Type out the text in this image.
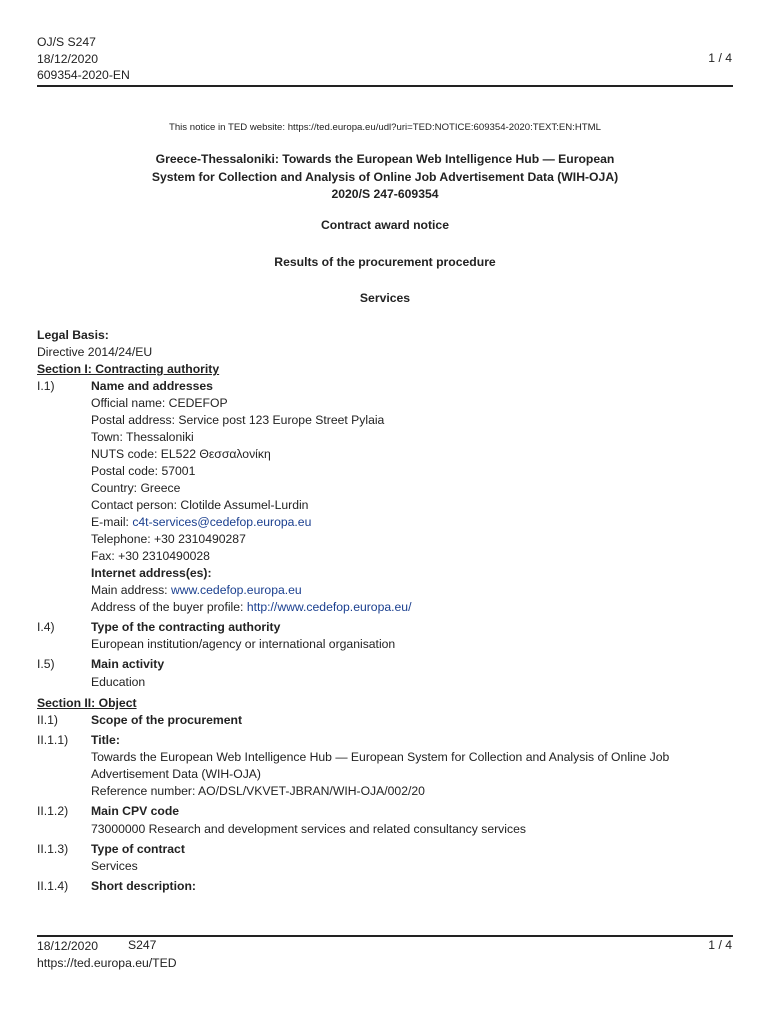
OJ/S S247
18/12/2020
609354-2020-EN
1 / 4
This notice in TED website: https://ted.europa.eu/udl?uri=TED:NOTICE:609354-2020:TEXT:EN:HTML
Greece-Thessaloniki: Towards the European Web Intelligence Hub — European
System for Collection and Analysis of Online Job Advertisement Data (WIH-OJA)
2020/S 247-609354
Contract award notice
Results of the procurement procedure
Services
Legal Basis:
Directive 2014/24/EU
Section I: Contracting authority
I.1)	Name and addresses
Official name: CEDEFOP
Postal address: Service post 123 Europe Street Pylaia
Town: Thessaloniki
NUTS code: EL522 Θεσσαλονίκη
Postal code: 57001
Country: Greece
Contact person: Clotilde Assumel-Lurdin
E-mail: c4t-services@cedefop.europa.eu
Telephone: +30 2310490287
Fax: +30 2310490028
Internet address(es):
Main address: www.cedefop.europa.eu
Address of the buyer profile: http://www.cedefop.europa.eu/
I.4)	Type of the contracting authority
European institution/agency or international organisation
I.5)	Main activity
Education
Section II: Object
II.1)	Scope of the procurement
II.1.1) Title:
Towards the European Web Intelligence Hub — European System for Collection and Analysis of Online Job
Advertisement Data (WIH-OJA)
Reference number: AO/DSL/VKVET-JBRAN/WIH-OJA/002/20
II.1.2) Main CPV code
73000000 Research and development services and related consultancy services
II.1.3) Type of contract
Services
II.1.4) Short description:
18/12/2020
https://ted.europa.eu/TED
S247	1 / 4
